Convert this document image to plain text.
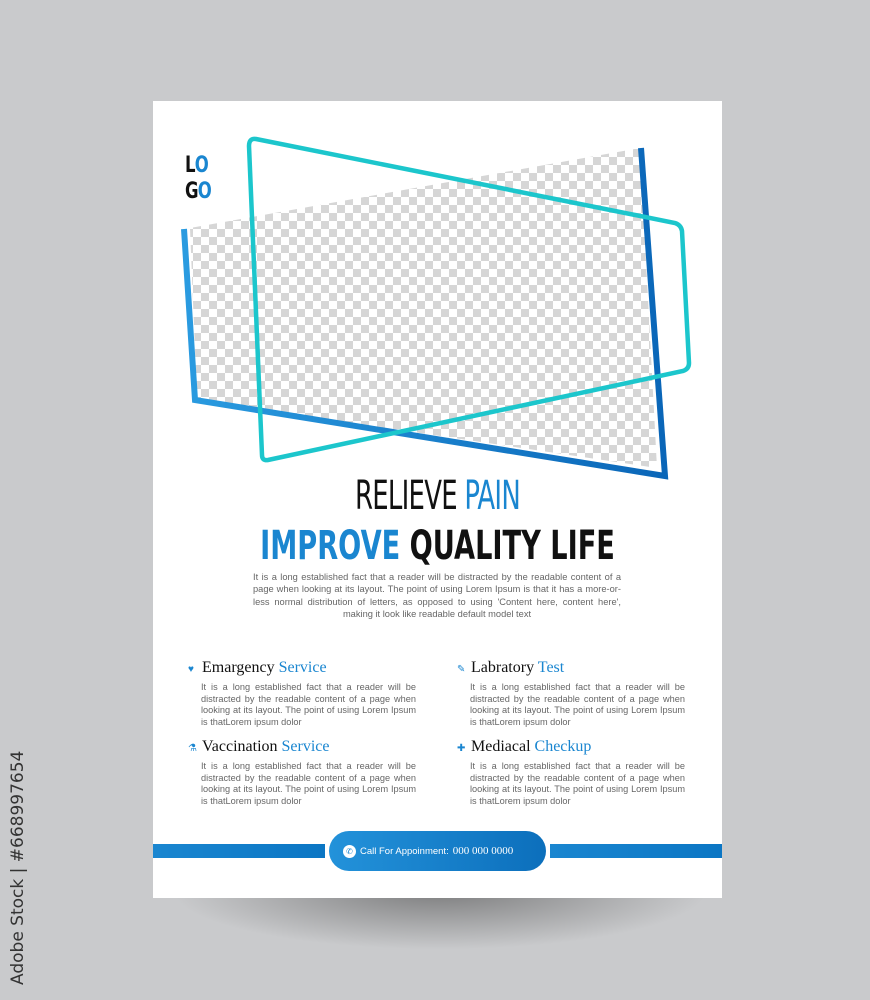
Adobe Stock | #668997654
LO
GO
RELIEVE PAIN
IMPROVE QUALITY LIFE
It is a long established fact that a reader will be distracted by the readable content of a page when looking at its layout. The point of using Lorem Ipsum is that it has a more-or-less normal distribution of letters, as opposed to using 'Content here, content here', making it look like readable default model text
♥ Emargency Service

It is a long established fact that a reader will be distracted by the readable content of a page when looking at its layout. The point of using Lorem Ipsum is thatLorem ipsum dolor

✎ Labratory Test

It is a long established fact that a reader will be distracted by the readable content of a page when looking at its layout. The point of using Lorem Ipsum is thatLorem ipsum dolor

⚗ Vaccination Service

It is a long established fact that a reader will be distracted by the readable content of a page when looking at its layout. The point of using Lorem Ipsum is thatLorem ipsum dolor

✚ Mediacal Checkup

It is a long established fact that a reader will be distracted by the readable content of a page when looking at its layout. The point of using Lorem Ipsum is thatLorem ipsum dolor

✆ Call For Appoinment: 000 000 0000
